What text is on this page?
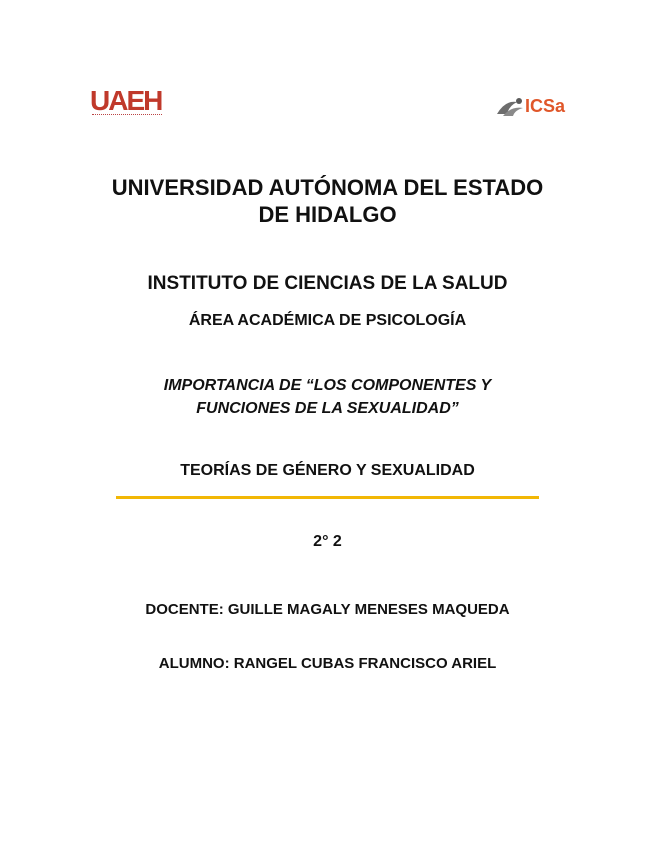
UAEH	ICSa
UNIVERSIDAD AUTÓNOMA DEL ESTADO
DE HIDALGO
INSTITUTO DE CIENCIAS DE LA SALUD
ÁREA ACADÉMICA DE PSICOLOGÍA
IMPORTANCIA DE “LOS COMPONENTES Y
FUNCIONES DE LA SEXUALIDAD”
TEORÍAS DE GÉNERO Y SEXUALIDAD
2° 2
DOCENTE: GUILLE MAGALY MENESES MAQUEDA
ALUMNO: RANGEL CUBAS FRANCISCO ARIEL
